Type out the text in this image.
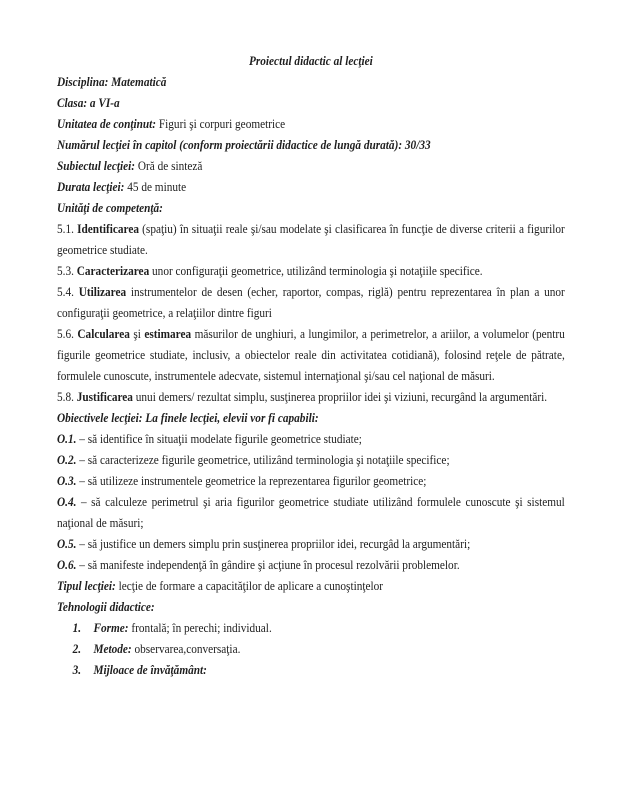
Proiectul didactic al lecţiei

Disciplina: Matematică

Clasa: a VI-a

Unitatea de conţinut: Figuri şi corpuri geometrice

Numărul lecţiei în capitol (conform proiectării didactice de lungă durată): 30/33

Subiectul lecţiei: Oră de sinteză

Durata lecţiei: 45 de minute

Unităţi de competenţă:

5.1. Identificarea (spaţiu) în situaţii reale şi/sau modelate şi clasificarea în funcţie de diverse criterii a figurilor geometrice studiate.

5.3. Caracterizarea unor configuraţii geometrice, utilizând terminologia şi notaţiile specifice.

5.4. Utilizarea instrumentelor de desen (echer, raportor, compas, riglă) pentru reprezentarea în plan a unor configuraţii geometrice, a relaţiilor dintre figuri

5.6. Calcularea şi estimarea măsurilor de unghiuri, a lungimilor, a perimetrelor, a ariilor, a volumelor (pentru figurile geometrice studiate, inclusiv, a obiectelor reale din activitatea cotidiană), folosind reţele de pătrate, formulele cunoscute, instrumentele adecvate, sistemul internaţional şi/sau cel naţional de măsuri.

5.8. Justificarea unui demers/ rezultat simplu, susţinerea propriilor idei şi viziuni, recurgând la argumentări.

Obiectivele lecţiei: La finele lecţiei, elevii vor fi capabili:

O.1. – să identifice în situaţii modelate figurile geometrice studiate;

O.2. – să caracterizeze figurile geometrice, utilizând terminologia şi notaţiile specifice;

O.3. – să utilizeze instrumentele geometrice la reprezentarea figurilor geometrice;

O.4. – să calculeze perimetrul şi aria figurilor geometrice studiate utilizând formulele cunoscute şi sistemul naţional de măsuri;

O.5. – să justifice un demers simplu prin susţinerea propriilor idei, recurgâd la argumentări;

O.6. – să manifeste independenţă în gândire şi acţiune în procesul rezolvării problemelor.

Tipul lecţiei: lecţie de formare a capacităţilor de aplicare a cunoştinţelor

Tehnologii didactice:

1. Forme: frontală; în perechi; individual.

2. Metode: observarea,conversaţia.

3. Mijloace de învăţământ:
